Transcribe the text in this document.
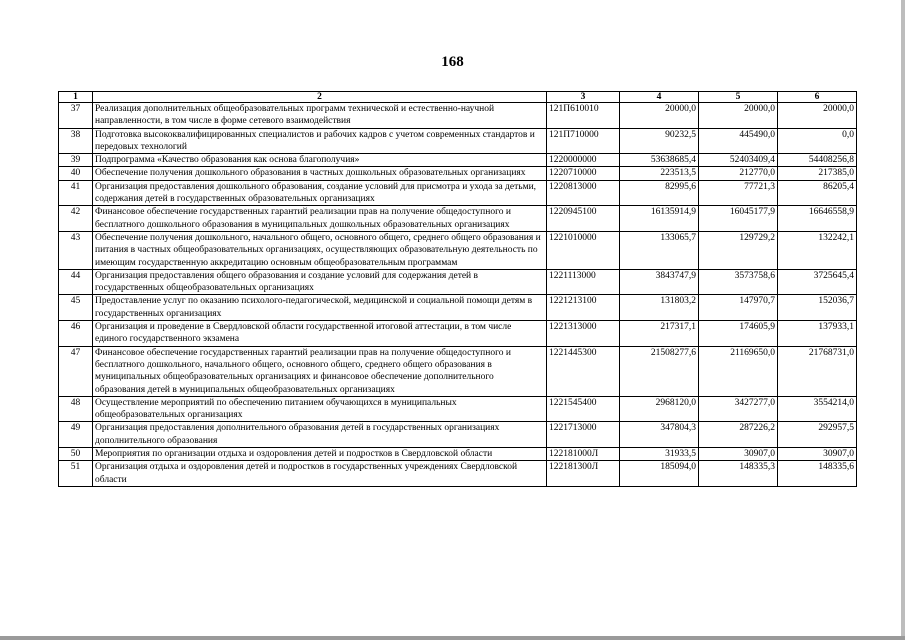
168
1	2	3	4	5	6
37	Реализация дополнительных общеобразовательных программ технической и естественно-научной направленности, в том числе в форме сетевого взаимодействия	121П610010	20000,0	20000,0	20000,0
38	Подготовка высококвалифицированных специалистов и рабочих кадров с учетом современных стандартов и передовых технологий	121П710000	90232,5	445490,0	0,0
39	Подпрограмма «Качество образования как основа благополучия»	1220000000	53638685,4	52403409,4	54408256,8
40	Обеспечение получения дошкольного образования в частных дошкольных образовательных организациях	1220710000	223513,5	212770,0	217385,0
41	Организация предоставления дошкольного образования, создание условий для присмотра и ухода за детьми, содержания детей в государственных образовательных организациях	1220813000	82995,6	77721,3	86205,4
42	Финансовое обеспечение государственных гарантий реализации прав на получение общедоступного и бесплатного дошкольного образования в муниципальных дошкольных образовательных организациях	1220945100	16135914,9	16045177,9	16646558,9
43	Обеспечение получения дошкольного, начального общего, основного общего, среднего общего образования и питания в частных общеобразовательных организациях, осуществляющих образовательную деятельность по имеющим государственную аккредитацию основным общеобразовательным программам	1221010000	133065,7	129729,2	132242,1
44	Организация предоставления общего образования и создание условий для содержания детей в государственных общеобразовательных организациях	1221113000	3843747,9	3573758,6	3725645,4
45	Предоставление услуг по оказанию психолого-педагогической, медицинской и социальной помощи детям в государственных организациях	1221213100	131803,2	147970,7	152036,7
46	Организация и проведение в Свердловской области государственной итоговой аттестации, в том числе единого государственного экзамена	1221313000	217317,1	174605,9	137933,1
47	Финансовое обеспечение государственных гарантий реализации прав на получение общедоступного и бесплатного дошкольного, начального общего, основного общего, среднего общего образования в муниципальных общеобразовательных организациях и финансовое обеспечение дополнительного образования детей в муниципальных общеобразовательных организациях	1221445300	21508277,6	21169650,0	21768731,0
48	Осуществление мероприятий по обеспечению питанием обучающихся в муниципальных общеобразовательных организациях	1221545400	2968120,0	3427277,0	3554214,0
49	Организация предоставления дополнительного образования детей в государственных организациях дополнительного образования	1221713000	347804,3	287226,2	292957,5
50	Мероприятия по организации отдыха и оздоровления детей и подростков в Свердловской области	122181000Л	31933,5	30907,0	30907,0
51	Организация отдыха и оздоровления детей и подростков в государственных учреждениях Свердловской области	122181300Л	185094,0	148335,3	148335,6
